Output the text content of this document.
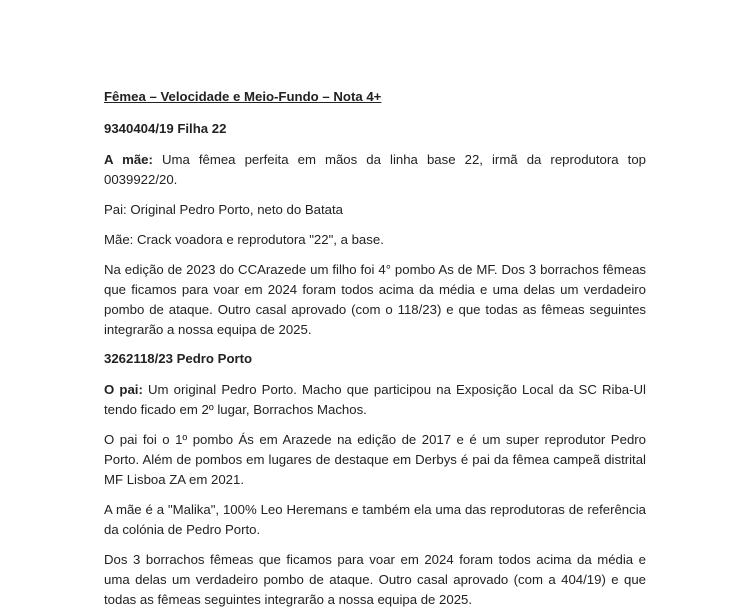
Fêmea – Velocidade e Meio-Fundo – Nota 4+
9340404/19 Filha 22
A mãe: Uma fêmea perfeita em mãos da linha base 22, irmã da reprodutora top 0039922/20.
Pai: Original Pedro Porto, neto do Batata
Mãe: Crack voadora e reprodutora "22", a base.
Na edição de 2023 do CCArazede um filho foi 4° pombo As de MF. Dos 3 borrachos fêmeas que ficamos para voar em 2024 foram todos acima da média e uma delas um verdadeiro pombo de ataque. Outro casal aprovado (com o 118/23) e que todas as fêmeas seguintes integrarão a nossa equipa de 2025.
3262118/23 Pedro Porto
O pai: Um original Pedro Porto. Macho que participou na Exposição Local da SC Riba-Ul tendo ficado em 2º lugar, Borrachos Machos.
O pai foi o 1º pombo Ás em Arazede na edição de 2017 e é um super reprodutor Pedro Porto. Além de pombos em lugares de destaque em Derbys é pai da fêmea campeã distrital MF Lisboa ZA em 2021.
A mãe é a "Malika", 100% Leo Heremans e também ela uma das reprodutoras de referência da colónia de Pedro Porto.
Dos 3 borrachos fêmeas que ficamos para voar em 2024 foram todos acima da média e uma delas um verdadeiro pombo de ataque. Outro casal aprovado (com a 404/19) e que todas as fêmeas seguintes integrarão a nossa equipa de 2025.
